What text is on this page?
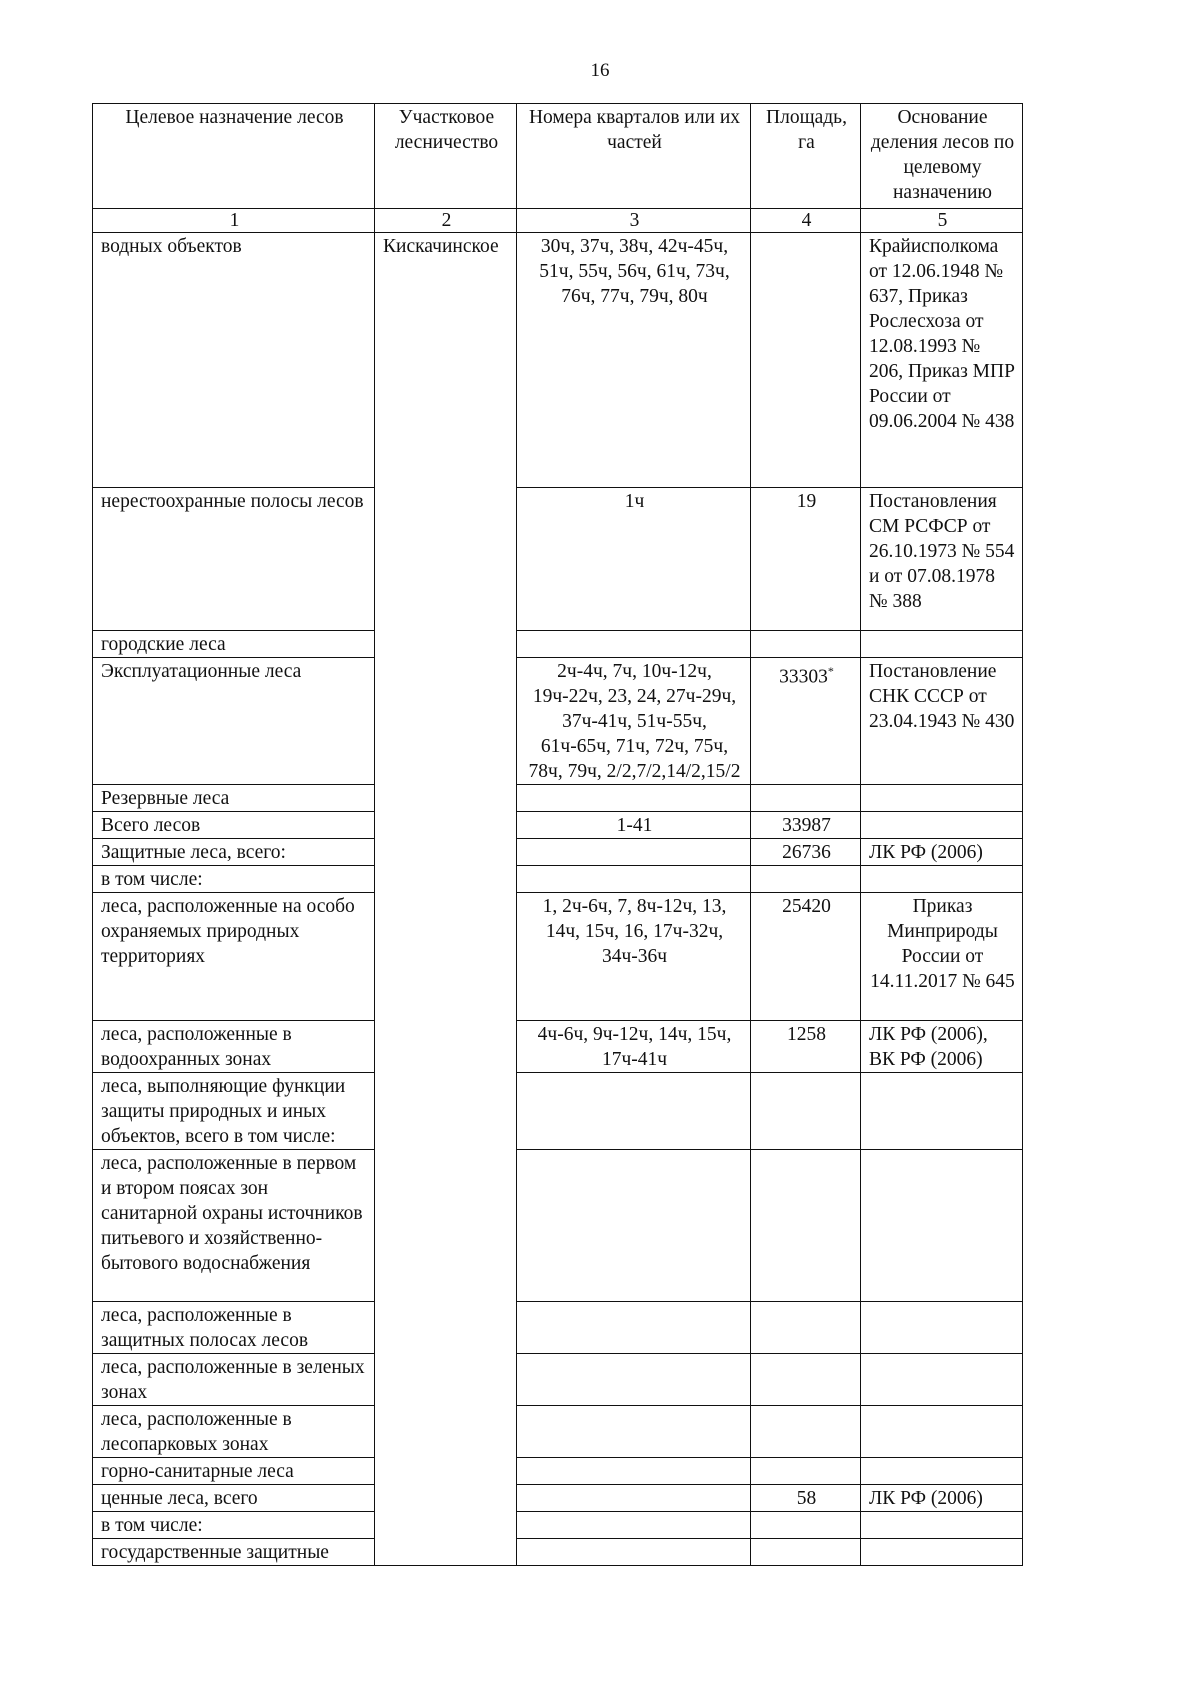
16
Целевое назначение лесов	Участковое лесничество	Номера кварталов или их частей	Площадь, га	Основание деления лесов по целевому назначению
1	2	3	4	5
водных объектов	Кискачинское	30ч, 37ч, 38ч, 42ч-45ч, 51ч, 55ч, 56ч, 61ч, 73ч, 76ч, 77ч, 79ч, 80ч		Крайисполкома от 12.06.1948 № 637, Приказ Рослесхоза от 12.08.1993 № 206, Приказ МПР России от 09.06.2004 № 438
нерестоохранные полосы лесов		1ч	19	Постановления СМ РСФСР от 26.10.1973 № 554 и от 07.08.1978 № 388
городские леса				
Эксплуатационные леса		2ч-4ч, 7ч, 10ч-12ч, 19ч-22ч, 23, 24, 27ч-29ч, 37ч-41ч, 51ч-55ч, 61ч-65ч, 71ч, 72ч, 75ч, 78ч, 79ч, 2/2,7/2,14/2,15/2	33303*	Постановление СНК СССР от 23.04.1943 № 430
Резервные леса				
Всего лесов		1-41	33987	
Защитные леса, всего:			26736	ЛК РФ (2006)
в том числе:				
леса, расположенные на особо охраняемых природных территориях		1, 2ч-6ч, 7, 8ч-12ч, 13, 14ч, 15ч, 16, 17ч-32ч, 34ч-36ч	25420	Приказ Минприроды России от 14.11.2017 № 645
леса, расположенные в водоохранных зонах		4ч-6ч, 9ч-12ч, 14ч, 15ч, 17ч-41ч	1258	ЛК РФ (2006), ВК РФ (2006)
леса, выполняющие функции защиты природных и иных объектов, всего в том числе:				
леса, расположенные в первом и втором поясах зон санитарной охраны источников питьевого и хозяйственно-бытового водоснабжения				
леса, расположенные в защитных полосах лесов				
леса, расположенные в зеленых зонах				
леса, расположенные в лесопарковых зонах				
горно-санитарные леса				
ценные леса, всего			58	ЛК РФ (2006)
в том числе:				
государственные защитные				
